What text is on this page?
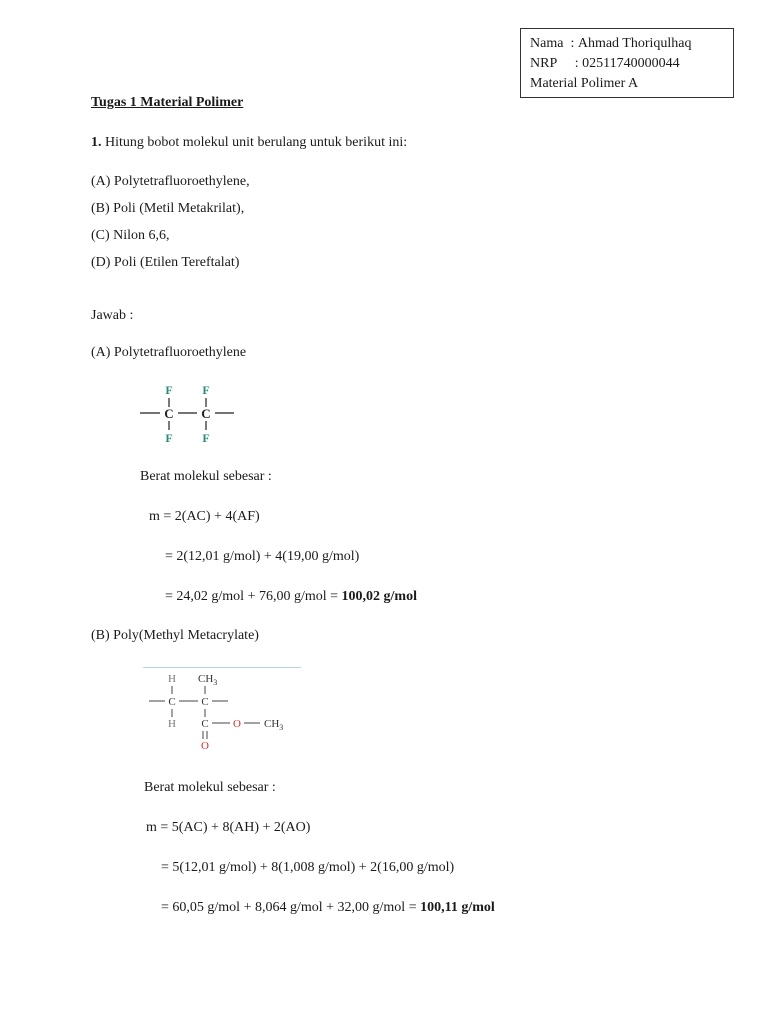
Nama : Ahmad Thoriqulhaq
NRP : 02511740000044
Material Polimer A
Tugas 1 Material Polimer
1. Hitung bobot molekul unit berulang untuk berikut ini:
(A) Polytetrafluoroethylene,
(B) Poli (Metil Metakrilat),
(C) Nilon 6,6,
(D) Poli (Etilen Tereftalat)
Jawab :
(A) Polytetrafluoroethylene
F F
C C
F F
Berat molekul sebesar :
m = 2(AC) + 4(AF)
= 2(12,01 g/mol) + 4(19,00 g/mol)
= 24,02 g/mol + 76,00 g/mol = 100,02 g/mol
(B) Poly(Methyl Metacrylate)
H $CH_3$
C C
H C O $CH_3$
O
Berat molekul sebesar :
m = 5(AC) + 8(AH) + 2(AO)
= 5(12,01 g/mol) + 8(1,008 g/mol) + 2(16,00 g/mol)
= 60,05 g/mol + 8,064 g/mol + 32,00 g/mol = 100,11 g/mol
